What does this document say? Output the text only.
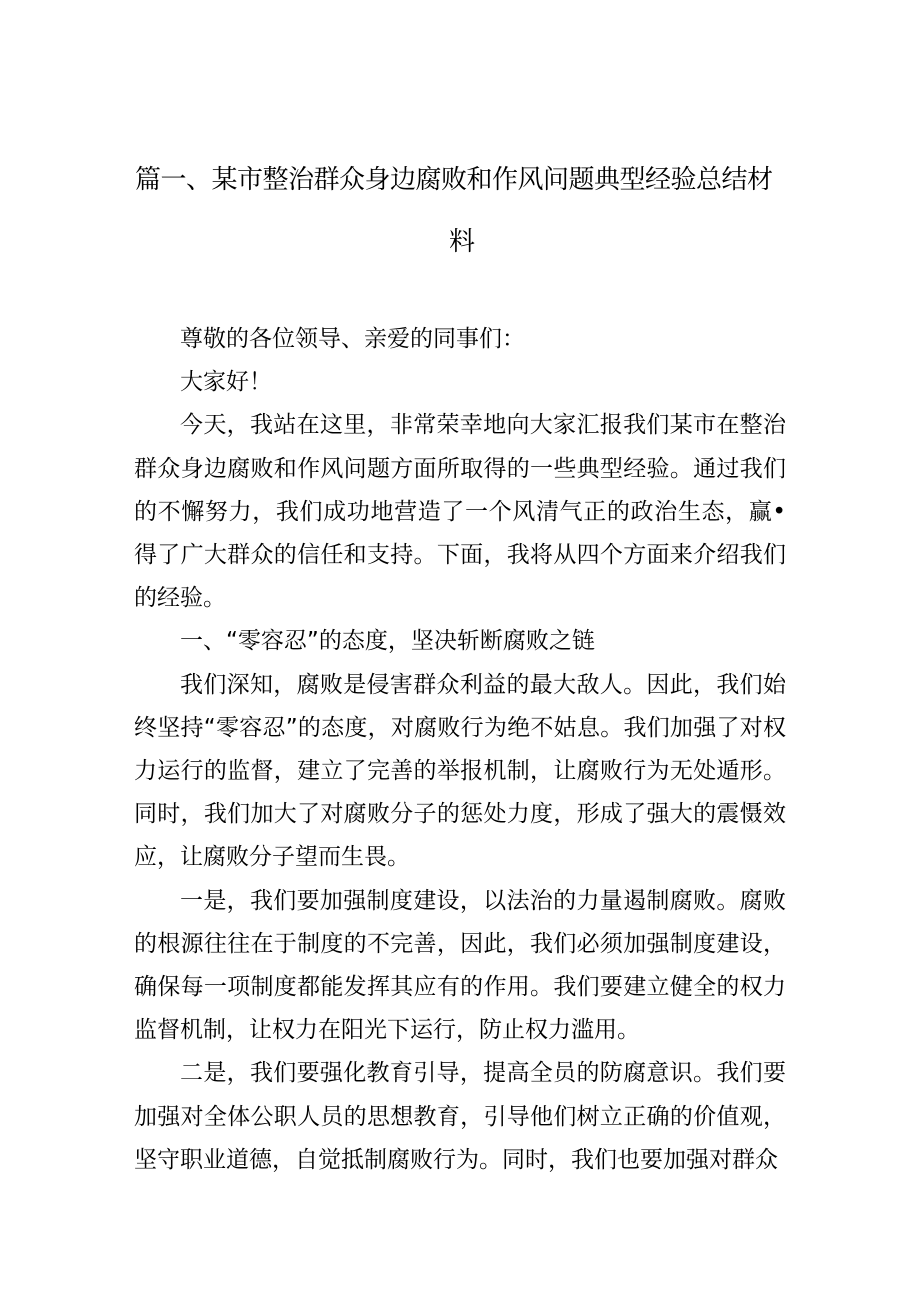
篇一、某市整治群众身边腐败和作风问题典型经验总结材
料

尊敬的各位领导、亲爱的同事们：

大家好！

今天，我站在这里，非常荣幸地向大家汇报我们某市在整治群众身边腐败和作风问题方面所取得的一些典型经验。通过我们的不懈努力，我们成功地营造了一个风清气正的政治生态，赢•得了广大群众的信任和支持。下面，我将从四个方面来介绍我们的经验。

一、“零容忍”的态度，坚决斩断腐败之链

我们深知，腐败是侵害群众利益的最大敌人。因此，我们始终坚持“零容忍”的态度，对腐败行为绝不姑息。我们加强了对权力运行的监督，建立了完善的举报机制，让腐败行为无处遁形。同时，我们加大了对腐败分子的惩处力度，形成了强大的震慑效应，让腐败分子望而生畏。

一是，我们要加强制度建设，以法治的力量遏制腐败。腐败的根源往往在于制度的不完善，因此，我们必须加强制度建设，确保每一项制度都能发挥其应有的作用。我们要建立健全的权力监督机制，让权力在阳光下运行，防止权力滥用。

二是，我们要强化教育引导，提高全员的防腐意识。我们要加强对全体公职人员的思想教育，引导他们树立正确的价值观，坚守职业道德，自觉抵制腐败行为。同时，我们也要加强对群众
